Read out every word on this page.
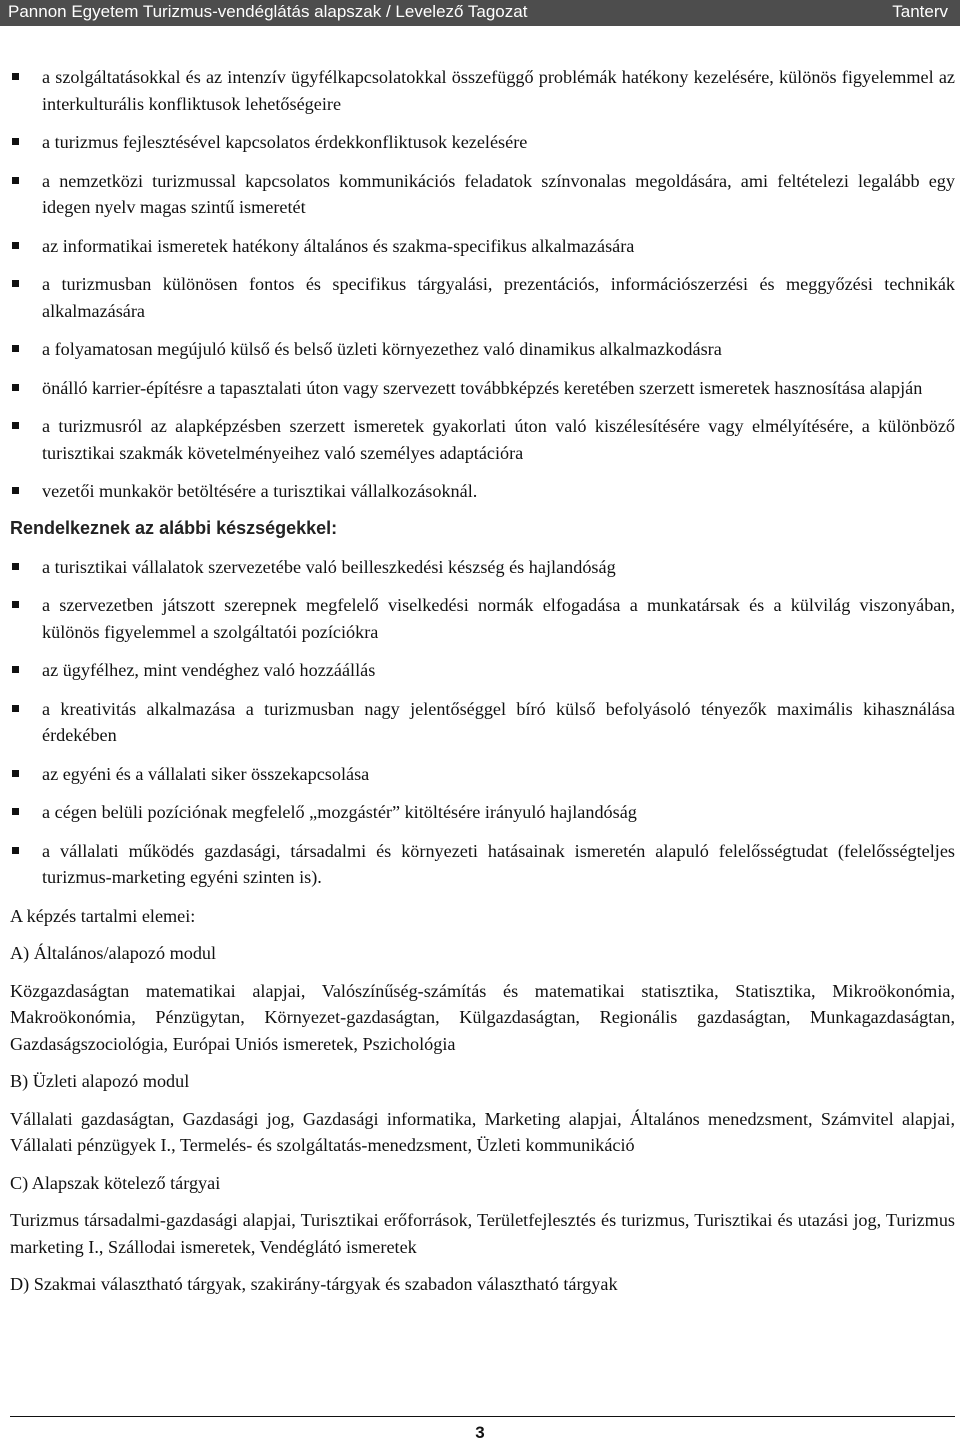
Pannon Egyetem Turizmus-vendéglátás alapszak / Levelező Tagozat	Tanterv
a szolgáltatásokkal és az intenzív ügyfélkapcsolatokkal összefüggő problémák hatékony kezelésére, különös figyelemmel az interkulturális konfliktusok lehetőségeire
a turizmus fejlesztésével kapcsolatos érdekkonfliktusok kezelésére
a nemzetközi turizmussal kapcsolatos kommunikációs feladatok színvonalas megoldására, ami feltételezi legalább egy idegen nyelv magas szintű ismeretét
az informatikai ismeretek hatékony általános és szakma-specifikus alkalmazására
a turizmusban különösen fontos és specifikus tárgyalási, prezentációs, információszerzési és meggyőzési technikák alkalmazására
a folyamatosan megújuló külső és belső üzleti környezethez való dinamikus alkalmazkodásra
önálló karrier-építésre a tapasztalati úton vagy szervezett továbbképzés keretében szerzett ismeretek hasznosítása alapján
a turizmusról az alapképzésben szerzett ismeretek gyakorlati úton való kiszélesítésére vagy elmélyítésére, a különböző turisztikai szakmák követelményeihez való személyes adaptációra
vezetői munkakör betöltésére a turisztikai vállalkozásoknál.
Rendelkeznek az alábbi készségekkel:
a turisztikai vállalatok szervezetébe való beilleszkedési készség és hajlandóság
a szervezetben játszott szerepnek megfelelő viselkedési normák elfogadása a munkatársak és a külvilág viszonyában, különös figyelemmel a szolgáltatói pozíciókra
az ügyfélhez, mint vendéghez való hozzáállás
a kreativitás alkalmazása a turizmusban nagy jelentőséggel bíró külső befolyásoló tényezők maximális kihasználása érdekében
az egyéni és a vállalati siker összekapcsolása
a cégen belüli pozíciónak megfelelő „mozgástér” kitöltésére irányuló hajlandóság
a vállalati működés gazdasági, társadalmi és környezeti hatásainak ismeretén alapuló felelősségtudat (felelősségteljes turizmus-marketing egyéni szinten is).

A képzés tartalmi elemei:

A) Általános/alapozó modul

Közgazdaságtan matematikai alapjai, Valószínűség-számítás és matematikai statisztika, Statisztika, Mikroökonómia, Makroökonómia, Pénzügytan, Környezet-gazdaságtan, Külgazdaságtan, Regionális gazdaságtan, Munkagazdaságtan, Gazdaságszociológia, Európai Uniós ismeretek, Pszichológia

B) Üzleti alapozó modul

Vállalati gazdaságtan, Gazdasági jog, Gazdasági informatika, Marketing alapjai, Általános menedzsment, Számvitel alapjai, Vállalati pénzügyek I., Termelés- és szolgáltatás-menedzsment, Üzleti kommunikáció

C) Alapszak kötelező tárgyai

Turizmus társadalmi-gazdasági alapjai, Turisztikai erőforrások, Területfejlesztés és turizmus, Turisztikai és utazási jog, Turizmus marketing I., Szállodai ismeretek, Vendéglátó ismeretek

D) Szakmai választható tárgyak, szakirány-tárgyak és szabadon választható tárgyak

3
